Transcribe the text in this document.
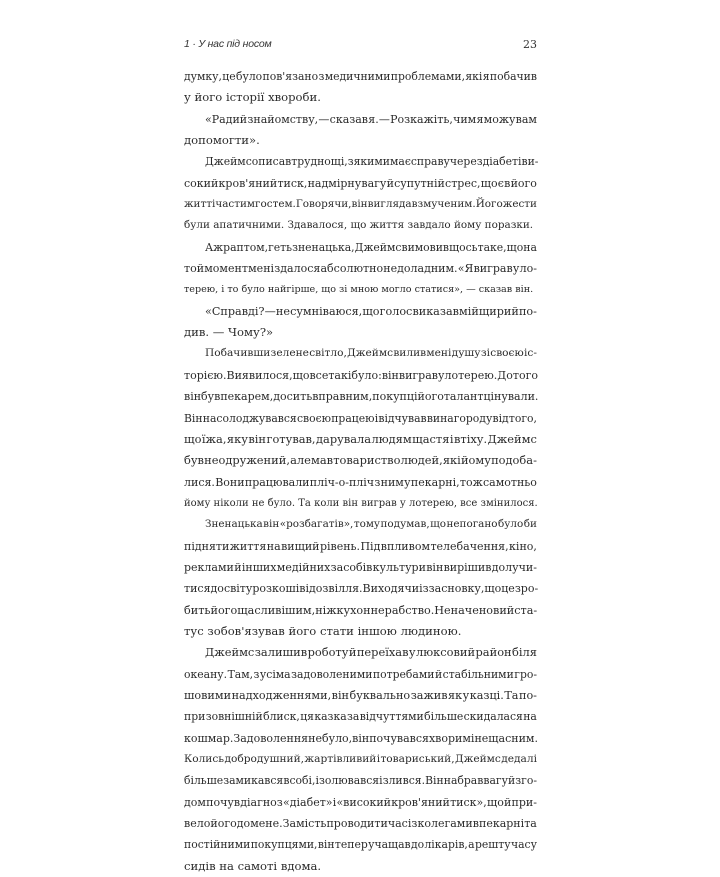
1 · У нас під носом	23
думку, це було пов'язано з медичними проблемами, які я побачив
у його історії хвороби.
«Радий знайомству, — сказав я. — Розкажіть, чим я можу вам
допомогти».
Джеймс описав труднощі, з якими має справу через діабет і ви-
сокий кров'яний тиск, надмірну вагу й супутній стрес, що є в його
житті частим гостем. Говорячи, він виглядав змученим. Його жести
були апатичними. Здавалося, що життя завдало йому поразки.
Аж раптом, геть зненацька, Джеймс вимовив щось таке, що на
той момент мені здалося абсолютно недоладним. «Я виграв у ло-
терею, і то було найгірше, що зі мною могло статися», — сказав він.
«Справді? — не сумніваюся, що голос виказав мій щирий по-
див. — Чому?»
Побачивши зелене світло, Джеймс вилив мені душу зі своєю іс-
торією. Виявилося, що все так і було: він виграв у лотерею. До того
він був пекарем, досить вправним, покупці його талант цінували.
Він насолоджувався своєю працею і відчував винагороду від того,
що їжа, яку він готував, дарувала людям щастя і втіху. Джеймс
був неодружений, але мав товариство людей, які йому подоба-
лися. Вони працювали пліч-о-пліч з ним у пекарні, тож самотньо
йому ніколи не було. Та коли він виграв у лотерею, все змінилося.
Зненацька він «розбагатів», тому подумав, що непогано було би
підняти життя на вищий рівень. Під впливом телебачення, кіно,
реклами й інших медійних засобів культури він вирішив долучи-
тися до світу розкошів і дозвілля. Виходячи із засновку, що це зро-
бить його щасливішим, ніж кухонне рабство. Неначе новий ста-
тус зобов'язував його стати іншою людиною.
Джеймс залишив роботу й переїхав у люксовий район біля
океану. Там, з усіма задоволеними потребами й стабільними гро-
шовими надходженнями, він буквально зажив як у казці. Та по-
при зовнішній блиск, ця казка за відчуттями більше скидалася на
кошмар. Задоволення не було, він почувався хворим і нещасним.
Колись добродушний, жартівливий і товариський, Джеймс дедалі
більше замикався в собі, ізолювався і злився. Він набрав вагу й зго-
дом почув діагноз «діабет» і «високий кров'яний тиск», що й при-
вело його до мене. Замість проводити час із колегами в пекарні та
постійними покупцями, він тепер учащав до лікарів, а решту часу
сидів на самоті вдома.
